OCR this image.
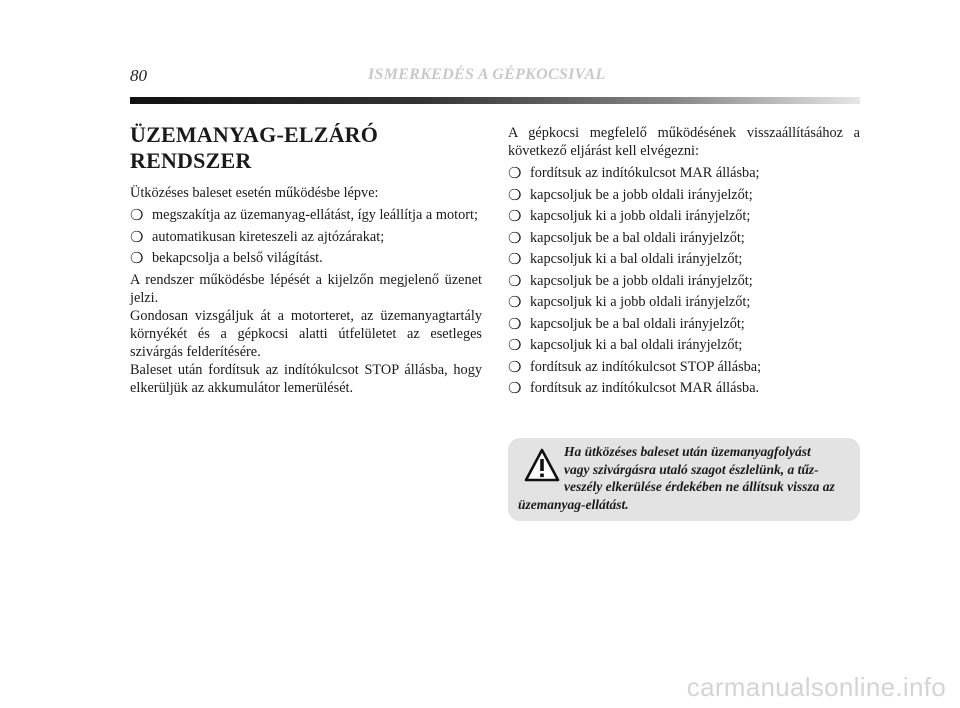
80	ISMERKEDÉS A GÉPKOCSIVAL
ÜZEMANYAG-ELZÁRÓ RENDSZER

Ütközéses baleset esetén működésbe lépve:

❍ megszakítja az üzemanyag-ellátást, így leállítja a motort;
❍ automatikusan kireteszeli az ajtózárakat;
❍ bekapcsolja a belső világítást.

A rendszer működésbe lépését a kijelzőn megjelenő üzenet jelzi.

Gondosan vizsgáljuk át a motorteret, az üzemanyagtartály környékét és a gépkocsi alatti útfelületet az esetleges szivárgás felderítésére.

Baleset után fordítsuk az indítókulcsot STOP állásba, hogy elkerüljük az akkumulátor lemerülését.

A gépkocsi megfelelő működésének visszaállításához a következő eljárást kell elvégezni:

❍ fordítsuk az indítókulcsot MAR állásba;
❍ kapcsoljuk be a jobb oldali irányjelzőt;
❍ kapcsoljuk ki a jobb oldali irányjelzőt;
❍ kapcsoljuk be a bal oldali irányjelzőt;
❍ kapcsoljuk ki a bal oldali irányjelzőt;
❍ kapcsoljuk be a jobb oldali irányjelzőt;
❍ kapcsoljuk ki a jobb oldali irányjelzőt;
❍ kapcsoljuk be a bal oldali irányjelzőt;
❍ kapcsoljuk ki a bal oldali irányjelzőt;
❍ fordítsuk az indítókulcsot STOP állásba;
❍ fordítsuk az indítókulcsot MAR állásba.
Ha ütközéses baleset után üzemanyagfolyást
vagy szivárgásra utaló szagot észlelünk, a tűz-
veszély elkerülése érdekében ne állítsuk vissza az
üzemanyag-ellátást.
carmanualsonline.info
